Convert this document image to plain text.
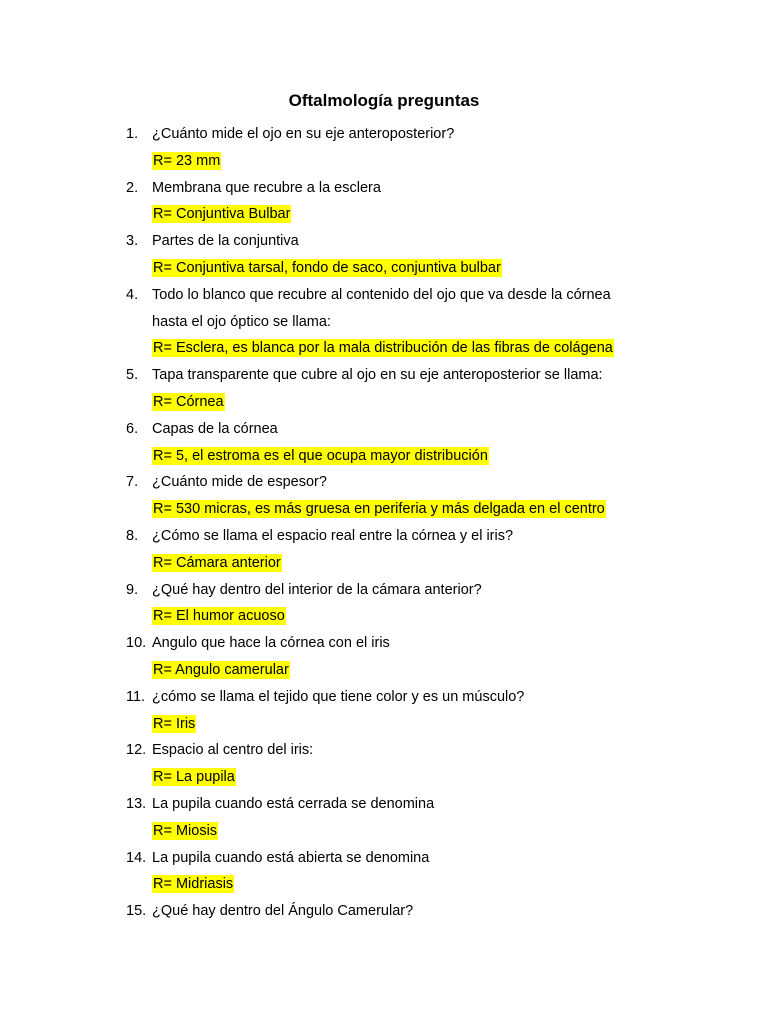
Oftalmología preguntas
1. ¿Cuánto mide el ojo en su eje anteroposterior?
R= 23 mm
2. Membrana que recubre a la esclera
R= Conjuntiva Bulbar
3. Partes de la conjuntiva
R= Conjuntiva tarsal, fondo de saco, conjuntiva bulbar
4. Todo lo blanco que recubre al contenido del ojo que va desde la córnea hasta el ojo óptico se llama:
R= Esclera, es blanca por la mala distribución de las fibras de colágena
5. Tapa transparente que cubre al ojo en su eje anteroposterior se llama:
R= Córnea
6. Capas de la córnea
R= 5, el estroma es el que ocupa mayor distribución
7. ¿Cuánto mide de espesor?
R= 530 micras, es más gruesa en periferia y más delgada en el centro
8. ¿Cómo se llama el espacio real entre la córnea y el iris?
R= Cámara anterior
9. ¿Qué hay dentro del interior de la cámara anterior?
R= El humor acuoso
10. Angulo que hace la córnea con el iris
R= Angulo camerular
11. ¿cómo se llama el tejido que tiene color y es un músculo?
R= Iris
12. Espacio al centro del iris:
R= La pupila
13. La pupila cuando está cerrada se denomina
R= Miosis
14. La pupila cuando está abierta se denomina
R= Midriasis
15. ¿Qué hay dentro del Ángulo Camerular?
